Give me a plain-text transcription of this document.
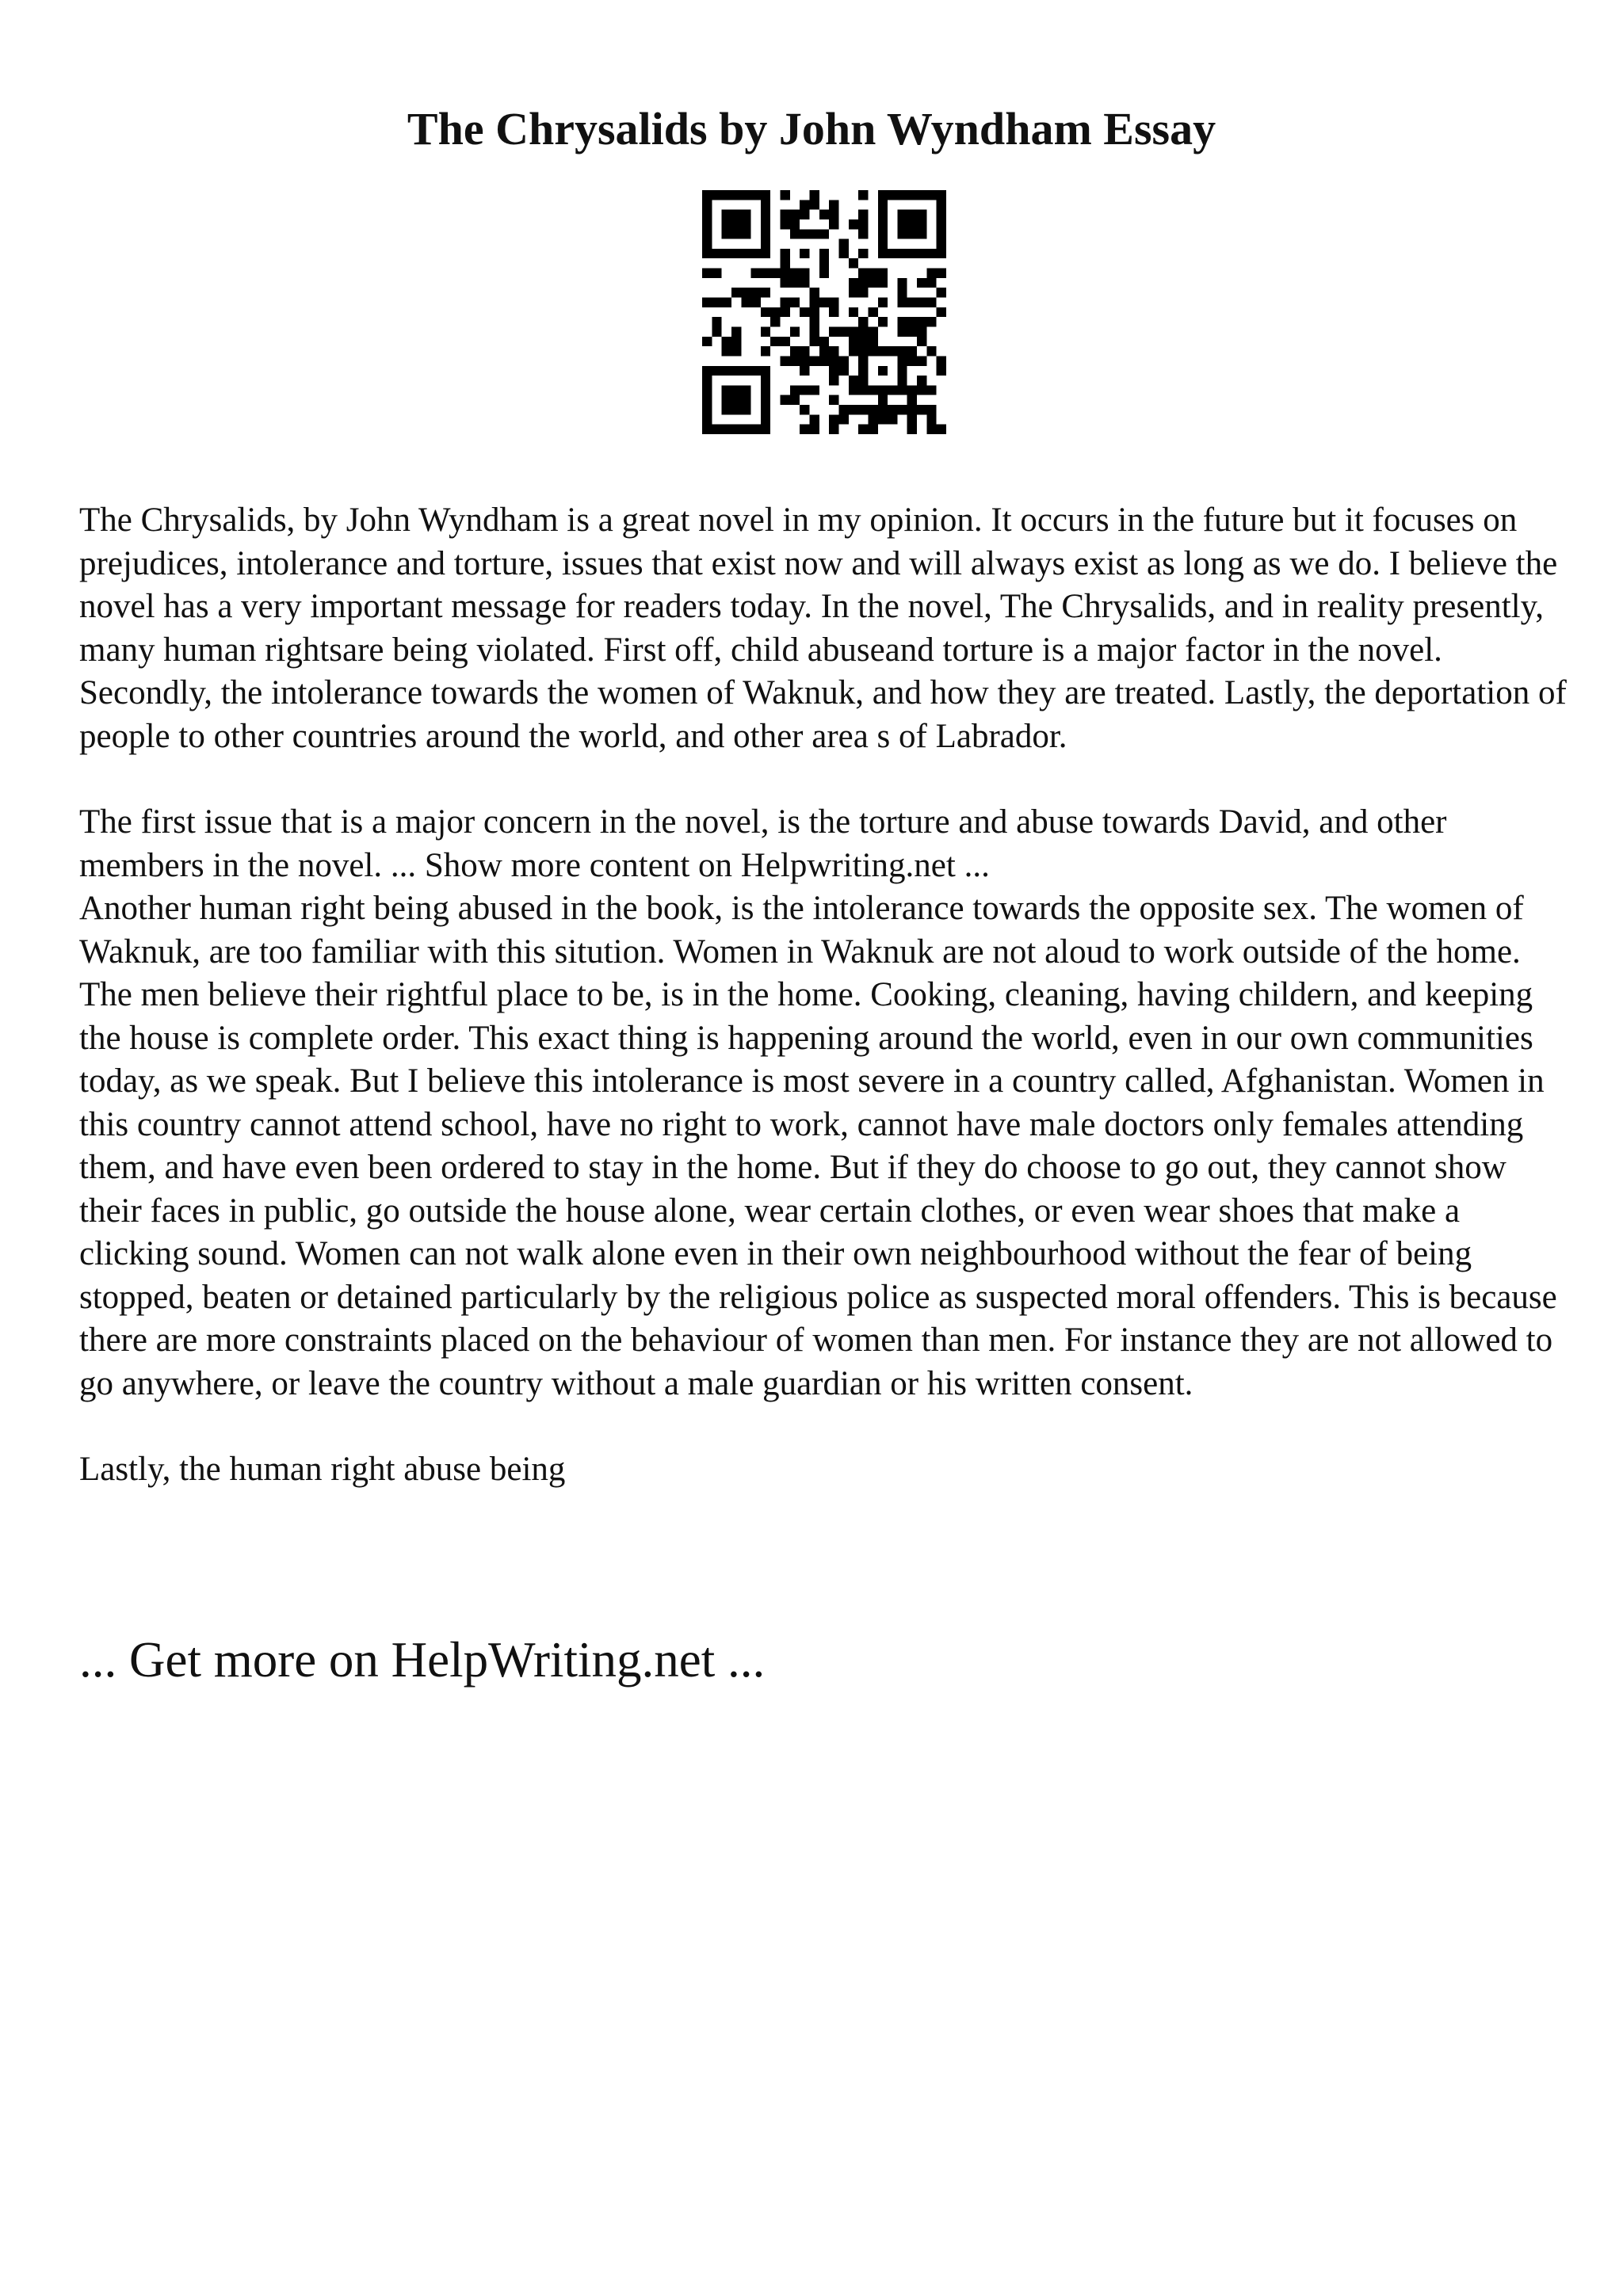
The Chrysalids by John Wyndham Essay

The Chrysalids, by John Wyndham is a great novel in my opinion. It occurs in the future but it focuses on prejudices, intolerance and torture, issues that exist now and will always exist as long as we do. I believe the novel has a very important message for readers today. In the novel, The Chrysalids, and in reality presently, many human rightsare being violated. First off, child abuseand torture is a major factor in the novel. Secondly, the intolerance towards the women of Waknuk, and how they are treated. Lastly, the deportation of people to other countries around the world, and other area s of Labrador.

The first issue that is a major concern in the novel, is the torture and abuse towards David, and other members in the novel. ... Show more content on Helpwriting.net ...

Another human right being abused in the book, is the intolerance towards the opposite sex. The women of Waknuk, are too familiar with this sitution. Women in Waknuk are not aloud to work outside of the home. The men believe their rightful place to be, is in the home. Cooking, cleaning, having childern, and keeping the house is complete order. This exact thing is happening around the world, even in our own communities today, as we speak. But I believe this intolerance is most severe in a country called, Afghanistan. Women in this country cannot attend school, have no right to work, cannot have male doctors only females attending them, and have even been ordered to stay in the home. But if they do choose to go out, they cannot show their faces in public, go outside the house alone, wear certain clothes, or even wear shoes that make a clicking sound. Women can not walk alone even in their own neighbourhood without the fear of being stopped, beaten or detained particularly by the religious police as suspected moral offenders. This is because there are more constraints placed on the behaviour of women than men. For instance they are not allowed to go anywhere, or leave the country without a male guardian or his written consent.

Lastly, the human right abuse being

... Get more on HelpWriting.net ...
